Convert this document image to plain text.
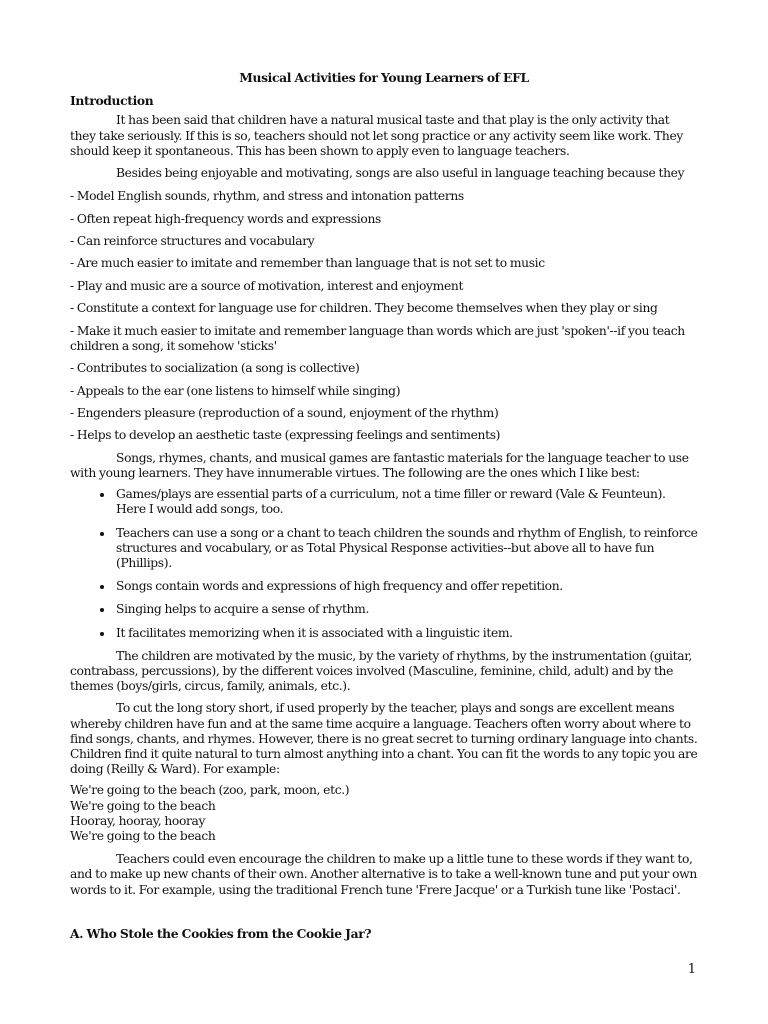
Musical Activities for Young Learners of EFL
Introduction

It has been said that children have a natural musical taste and that play is the only activity that they take seriously. If this is so, teachers should not let song practice or any activity seem like work. They should keep it spontaneous. This has been shown to apply even to language teachers.

Besides being enjoyable and motivating, songs are also useful in language teaching because they

- Model English sounds, rhythm, and stress and intonation patterns
- Often repeat high-frequency words and expressions
- Can reinforce structures and vocabulary
- Are much easier to imitate and remember than language that is not set to music
- Play and music are a source of motivation, interest and enjoyment
- Constitute a context for language use for children. They become themselves when they play or sing
- Make it much easier to imitate and remember language than words which are just 'spoken'--if you teach children a song, it somehow 'sticks'
- Contributes to socialization (a song is collective)
- Appeals to the ear (one listens to himself while singing)
- Engenders pleasure (reproduction of a sound, enjoyment of the rhythm)
- Helps to develop an aesthetic taste (expressing feelings and sentiments)

Songs, rhymes, chants, and musical games are fantastic materials for the language teacher to use with young learners. They have innumerable virtues. The following are the ones which I like best:

• Games/plays are essential parts of a curriculum, not a time filler or reward (Vale & Feunteun). Here I would add songs, too.
• Teachers can use a song or a chant to teach children the sounds and rhythm of English, to reinforce structures and vocabulary, or as Total Physical Response activities--but above all to have fun (Phillips).
• Songs contain words and expressions of high frequency and offer repetition.
• Singing helps to acquire a sense of rhythm.
• It facilitates memorizing when it is associated with a linguistic item.

The children are motivated by the music, by the variety of rhythms, by the instrumentation (guitar, contrabass, percussions), by the different voices involved (Masculine, feminine, child, adult) and by the themes (boys/girls, circus, family, animals, etc.).

To cut the long story short, if used properly by the teacher, plays and songs are excellent means whereby children have fun and at the same time acquire a language. Teachers often worry about where to find songs, chants, and rhymes. However, there is no great secret to turning ordinary language into chants. Children find it quite natural to turn almost anything into a chant. You can fit the words to any topic you are doing (Reilly & Ward). For example:

We're going to the beach (zoo, park, moon, etc.)
We're going to the beach
Hooray, hooray, hooray
We're going to the beach

Teachers could even encourage the children to make up a little tune to these words if they want to, and to make up new chants of their own. Another alternative is to take a well-known tune and put your own words to it. For example, using the traditional French tune 'Frere Jacque' or a Turkish tune like 'Postaci'.

A. Who Stole the Cookies from the Cookie Jar?
1
